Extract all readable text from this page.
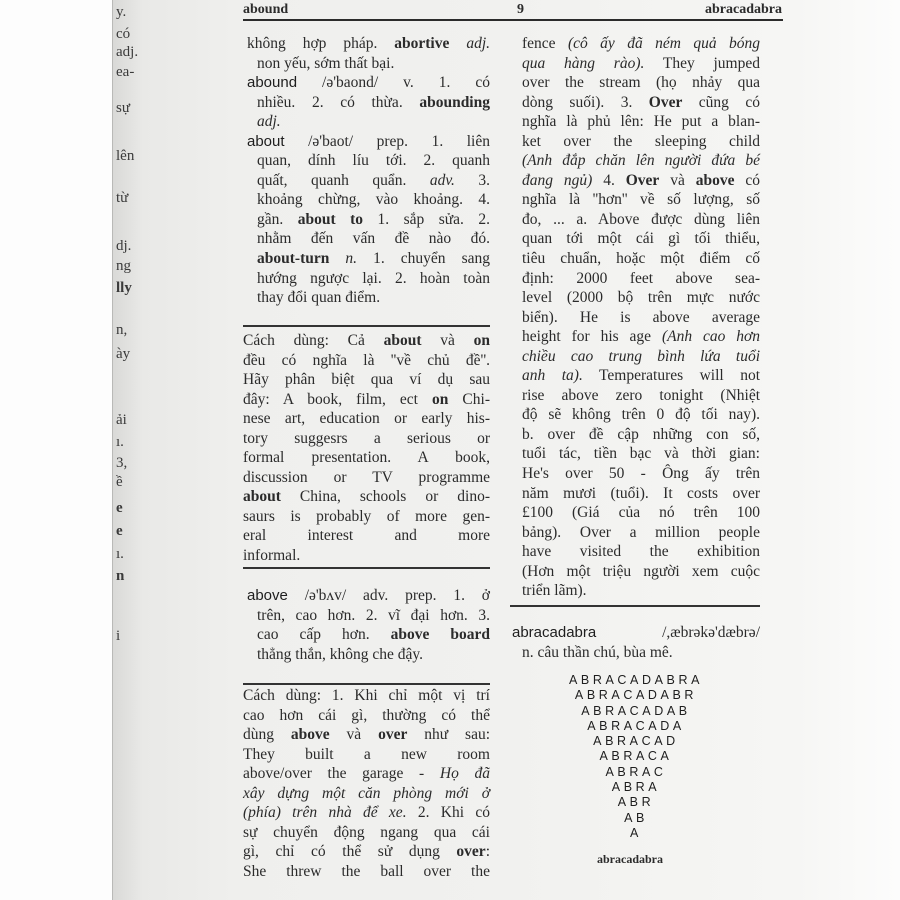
y.
có
adj.
ea-
sự
lên
từ
dj.
ng
lly
n,
ày
ải
ı.
3,
ề
e
e
ı.
n
i
abound	9	abracadabra
không hợp pháp. abortive adj.
non yếu, sớm thất bại.
abound /ə'baond/ v. 1. có
nhiều. 2. có thừa. abounding
adj.
about /ə'baot/ prep. 1. liên
quan, dính líu tới. 2. quanh
quất, quanh quẩn. adv. 3.
khoảng chừng, vào khoảng. 4.
gần. about to 1. sắp sửa. 2.
nhằm đến vấn đề nào đó.
about-turn n. 1. chuyển sang
hướng ngược lại. 2. hoàn toàn
thay đổi quan điểm.
Cách dùng: Cả about và on
đều có nghĩa là ''về chủ đề''.
Hãy phân biệt qua ví dụ sau
đây: A book, film, ect on Chi-
nese art, education or early his-
tory suggesrs a serious or
formal presentation. A book,
discussion or TV programme
about China, schools or dino-
saurs is probably of more gen-
eral interest and more
informal.
above /ə'bʌv/ adv. prep. 1. ở
trên, cao hơn. 2. vĩ đại hơn. 3.
cao cấp hơn. above board
thẳng thắn, không che đậy.
Cách dùng: 1. Khi chỉ một vị trí
cao hơn cái gì, thường có thể
dùng above và over như sau:
They built a new room
above/over the garage - Họ đã
xây dựng một căn phòng mới ở
(phía) trên nhà để xe. 2. Khi có
sự chuyển động ngang qua cái
gì, chỉ có thể sử dụng over:
She threw the ball over the
fence (cô ấy đã ném quả bóng
qua hàng rào). They jumped
over the stream (họ nhảy qua
dòng suối). 3. Over cũng có
nghĩa là phủ lên: He put a blan-
ket over the sleeping child
(Anh đắp chăn lên người đứa bé
đang ngủ) 4. Over và above có
nghĩa là ''hơn'' về số lượng, số
đo, ... a. Above được dùng liên
quan tới một cái gì tối thiểu,
tiêu chuẩn, hoặc một điểm cố
định: 2000 feet above sea-
level (2000 bộ trên mực nước
biển). He is above average
height for his age (Anh cao hơn
chiều cao trung bình lứa tuổi
anh ta). Temperatures will not
rise above zero tonight (Nhiệt
độ sẽ không trên 0 độ tối nay).
b. over đề cập những con số,
tuổi tác, tiền bạc và thời gian:
He's over 50 - Ông ấy trên
năm mươi (tuổi). It costs over
£100 (Giá của nó trên 100
bảng). Over a million people
have visited the exhibition
(Hơn một triệu người xem cuộc
triển lãm).
abracadabra /,æbrəkə'dæbrə/
n. câu thần chú, bùa mê.
ABRACADABRA
ABRACADABR
ABRACADAB
ABRACADA
ABRACAD
ABRACA
ABRAC
ABRA
ABR
AB
A
abracadabra
